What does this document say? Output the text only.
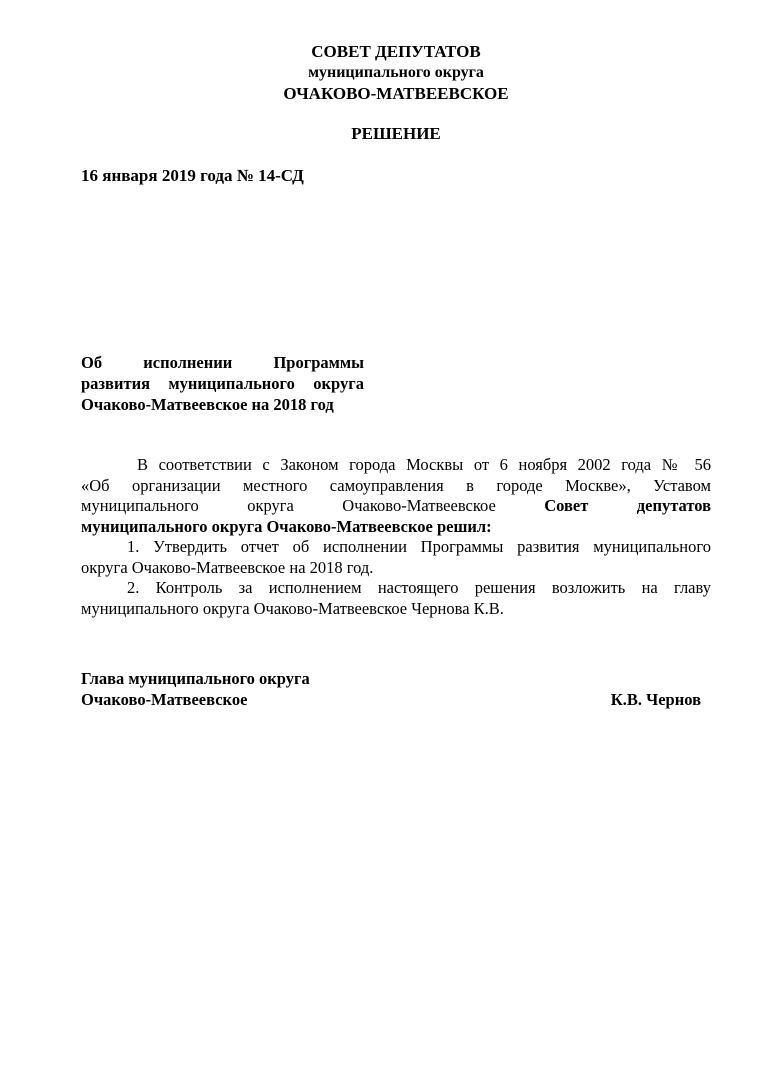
СОВЕТ ДЕПУТАТОВ
муниципального округа
ОЧАКОВО-МАТВЕЕВСКОЕ
РЕШЕНИЕ
16 января 2019 года № 14-СД
Об исполнении Программы
развития муниципального округа
Очаково-Матвеевское на 2018 год
В соответствии с Законом города Москвы от 6 ноября 2002 года № 56
«Об организации местного самоуправления в городе Москве», Уставом
муниципального округа Очаково-Матвеевское Совет депутатов
муниципального округа Очаково-Матвеевское решил:
1. Утвердить отчет об исполнении Программы развития муниципального
округа Очаково-Матвеевское на 2018 год.
2. Контроль за исполнением настоящего решения возложить на главу
муниципального округа Очаково-Матвеевское Чернова К.В.
Глава муниципального округа
Очаково-Матвеевское	К.В. Чернов
